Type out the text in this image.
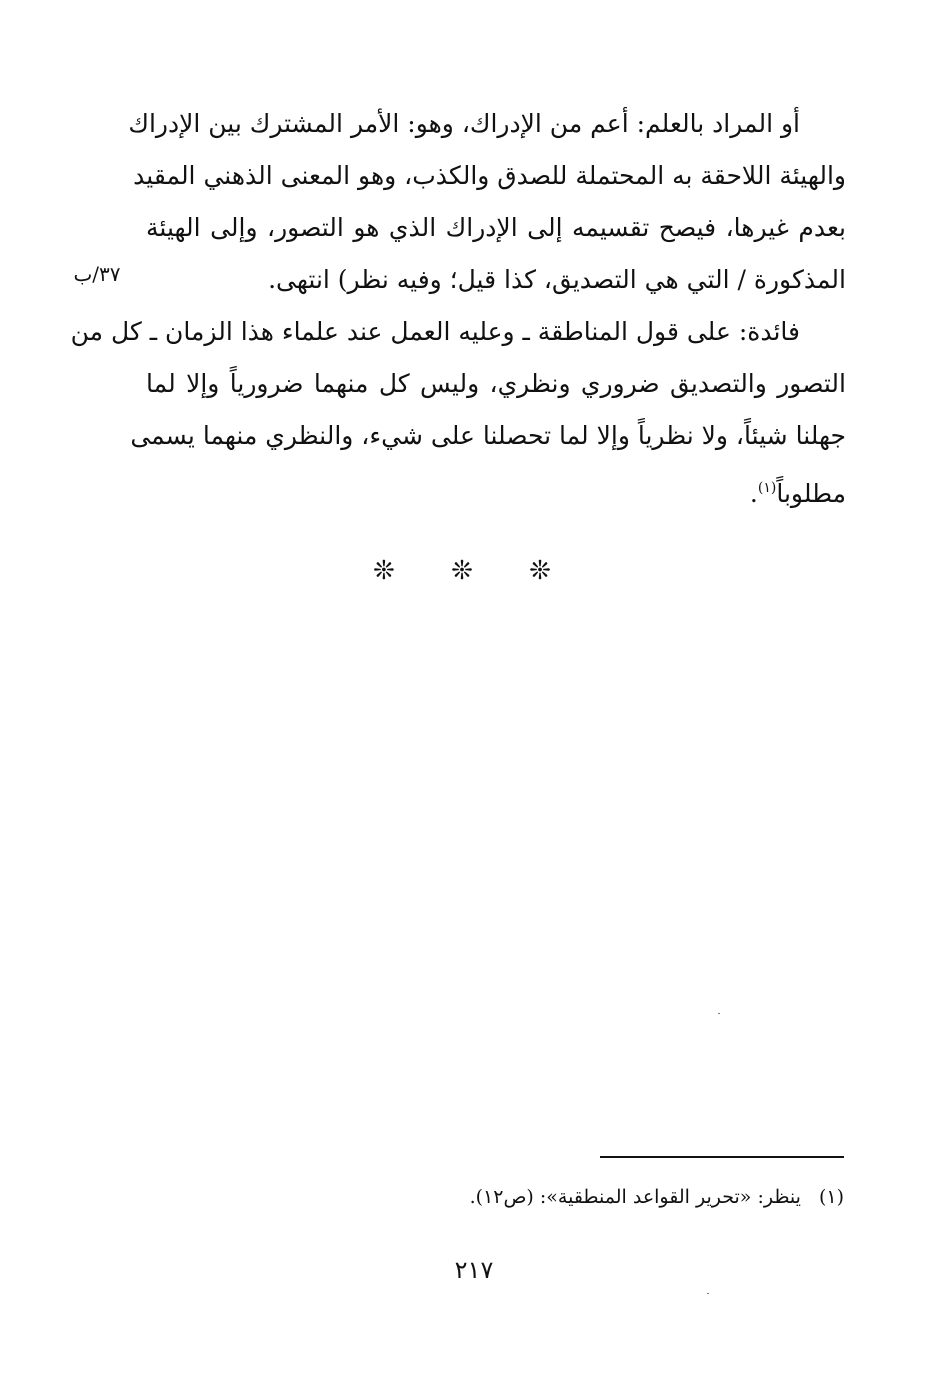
أو المراد بالعلم: أعم من الإدراك، وهو: الأمر المشترك بين الإدراك
والهيئة اللاحقة به المحتملة للصدق والكذب، وهو المعنى الذهني المقيد
بعدم غيرها، فيصح تقسيمه إلى الإدراك الذي هو التصور، وإلى الهيئة
المذكورة / التي هي التصديق، كذا قيل؛ وفيه نظر) انتهى.
فائدة: على قول المناطقة ـ وعليه العمل عند علماء هذا الزمان ـ كل من
التصور والتصديق ضروري ونظري، وليس كل منهما ضرورياً وإلا لما
جهلنا شيئاً، ولا نظرياً وإلا لما تحصلنا على شيء، والنظري منهما يسمى
مطلوباً$^{(١)}$.
٣٧/ب
❊ ❊ ❊
(١)ينظر: «تحرير القواعد المنطقية»: (ص١٢).
٢١٧
